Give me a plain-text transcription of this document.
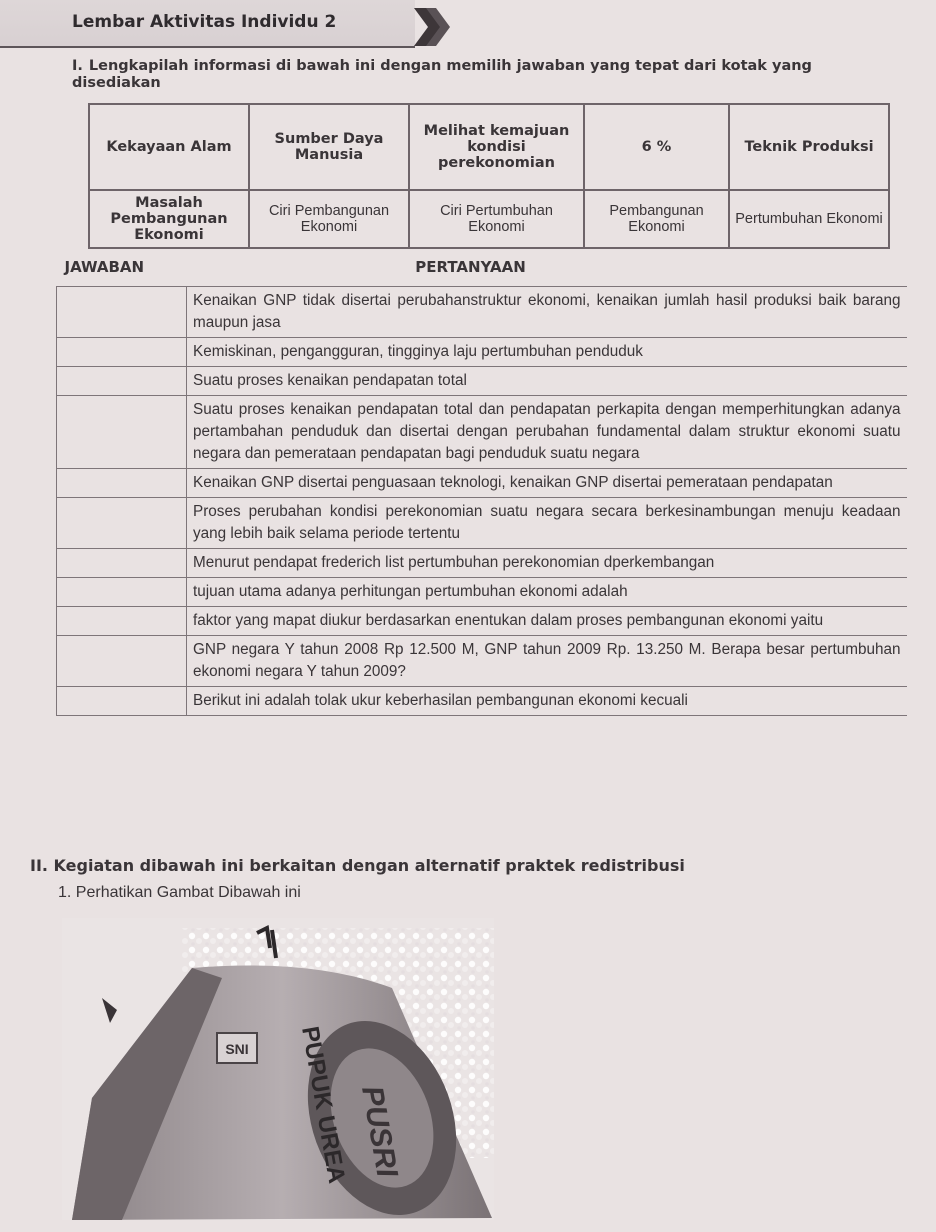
Lembar Aktivitas Individu 2
I. Lengkapilah informasi di bawah ini dengan memilih jawaban yang tepat dari kotak yang disediakan
Kekayaan Alam	Sumber Daya Manusia	Melihat kemajuan kondisi perekonomian	6 %	Teknik Produksi
Masalah Pembangunan Ekonomi	Ciri Pembangunan Ekonomi	Ciri Pertumbuhan Ekonomi	Pembangunan Ekonomi	Pertumbuhan Ekonomi
JAWABAN	PERTANYAAN
	Kenaikan GNP tidak disertai perubahanstruktur ekonomi, kenaikan jumlah hasil produksi baik barang maupun jasa
	Kemiskinan, pengangguran, tingginya laju pertumbuhan penduduk
	Suatu proses kenaikan pendapatan total
	Suatu proses kenaikan pendapatan total dan pendapatan perkapita dengan memperhitungkan adanya pertambahan penduduk dan disertai dengan perubahan fundamental dalam struktur ekonomi suatu negara dan pemerataan pendapatan bagi penduduk suatu negara
	Kenaikan GNP disertai penguasaan teknologi, kenaikan GNP disertai pemerataan pendapatan
	Proses perubahan kondisi perekonomian suatu negara secara berkesinambungan menuju keadaan yang lebih baik selama periode tertentu
	Menurut pendapat frederich list pertumbuhan perekonomian dperkembangan
	tujuan utama adanya perhitungan pertumbuhan ekonomi adalah
	faktor yang mapat diukur berdasarkan enentukan dalam proses pembangunan ekonomi yaitu
	GNP negara Y tahun 2008 Rp 12.500 M, GNP tahun 2009 Rp. 13.250 M. Berapa besar pertumbuhan ekonomi negara Y tahun 2009?
	Berikut ini adalah tolak ukur keberhasilan pembangunan ekonomi kecuali
II. Kegiatan dibawah ini berkaitan dengan alternatif praktek redistribusi
1. Perhatikan Gambat Dibawah ini
PUPUK UREA PUSRI
SNI
